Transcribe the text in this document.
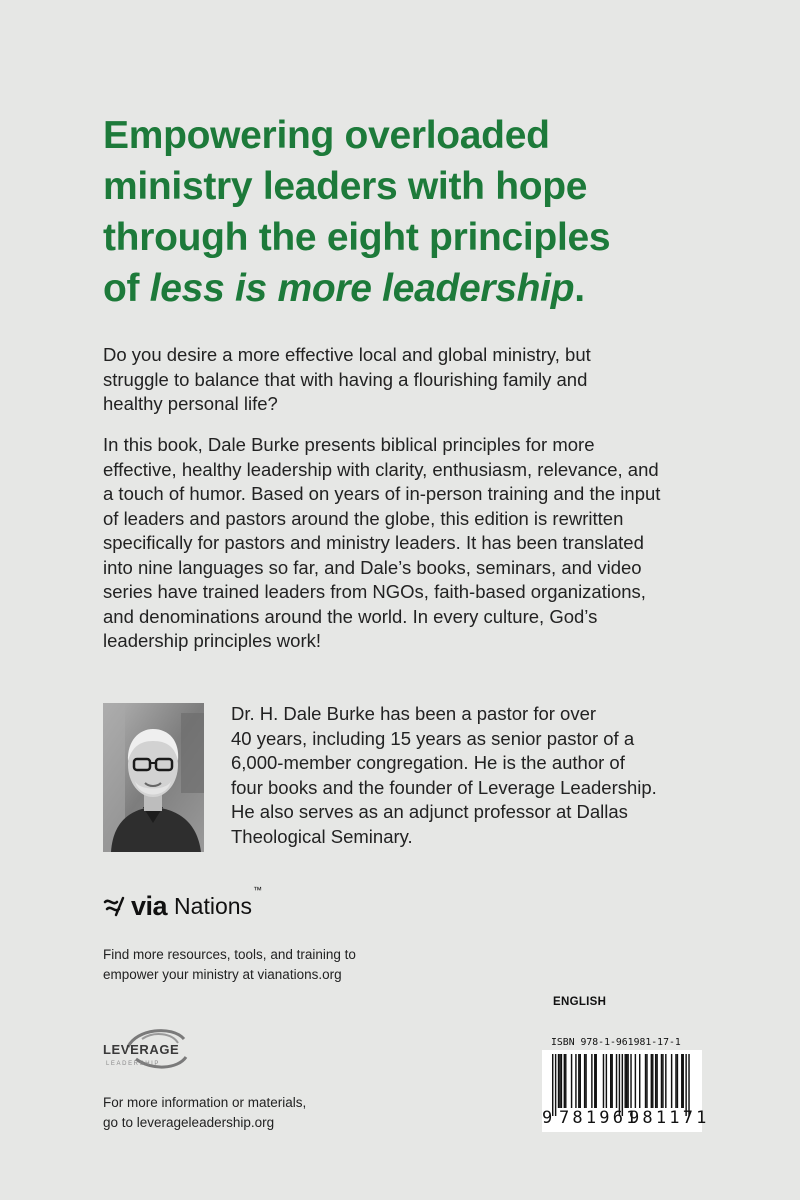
Empowering overloaded
ministry leaders with hope
through the eight principles
of less is more leadership.
Do you desire a more effective local and global ministry, but
struggle to balance that with having a flourishing family and
healthy personal life?
In this book, Dale Burke presents biblical principles for more
effective, healthy leadership with clarity, enthusiasm, relevance, and
a touch of humor. Based on years of in-person training and the input
of leaders and pastors around the globe, this edition is rewritten
specifically for pastors and ministry leaders. It has been translated
into nine languages so far, and Dale’s books, seminars, and video
series have trained leaders from NGOs, faith-based organizations,
and denominations around the world. In every culture, God’s
leadership principles work!
Dr. H. Dale Burke has been a pastor for over
40 years, including 15 years as senior pastor of a
6,000-member congregation. He is the author of
four books and the founder of Leverage Leadership.
He also serves as an adjunct professor at Dallas
Theological Seminary.
via Nations™
Find more resources, tools, and training to
empower your ministry at vianations.org
LEVERAGE
LEADERSHIP
For more information or materials,
go to leverageleadership.org
ENGLISH
ISBN 978-1-961981-17-1
9 781961
981171
